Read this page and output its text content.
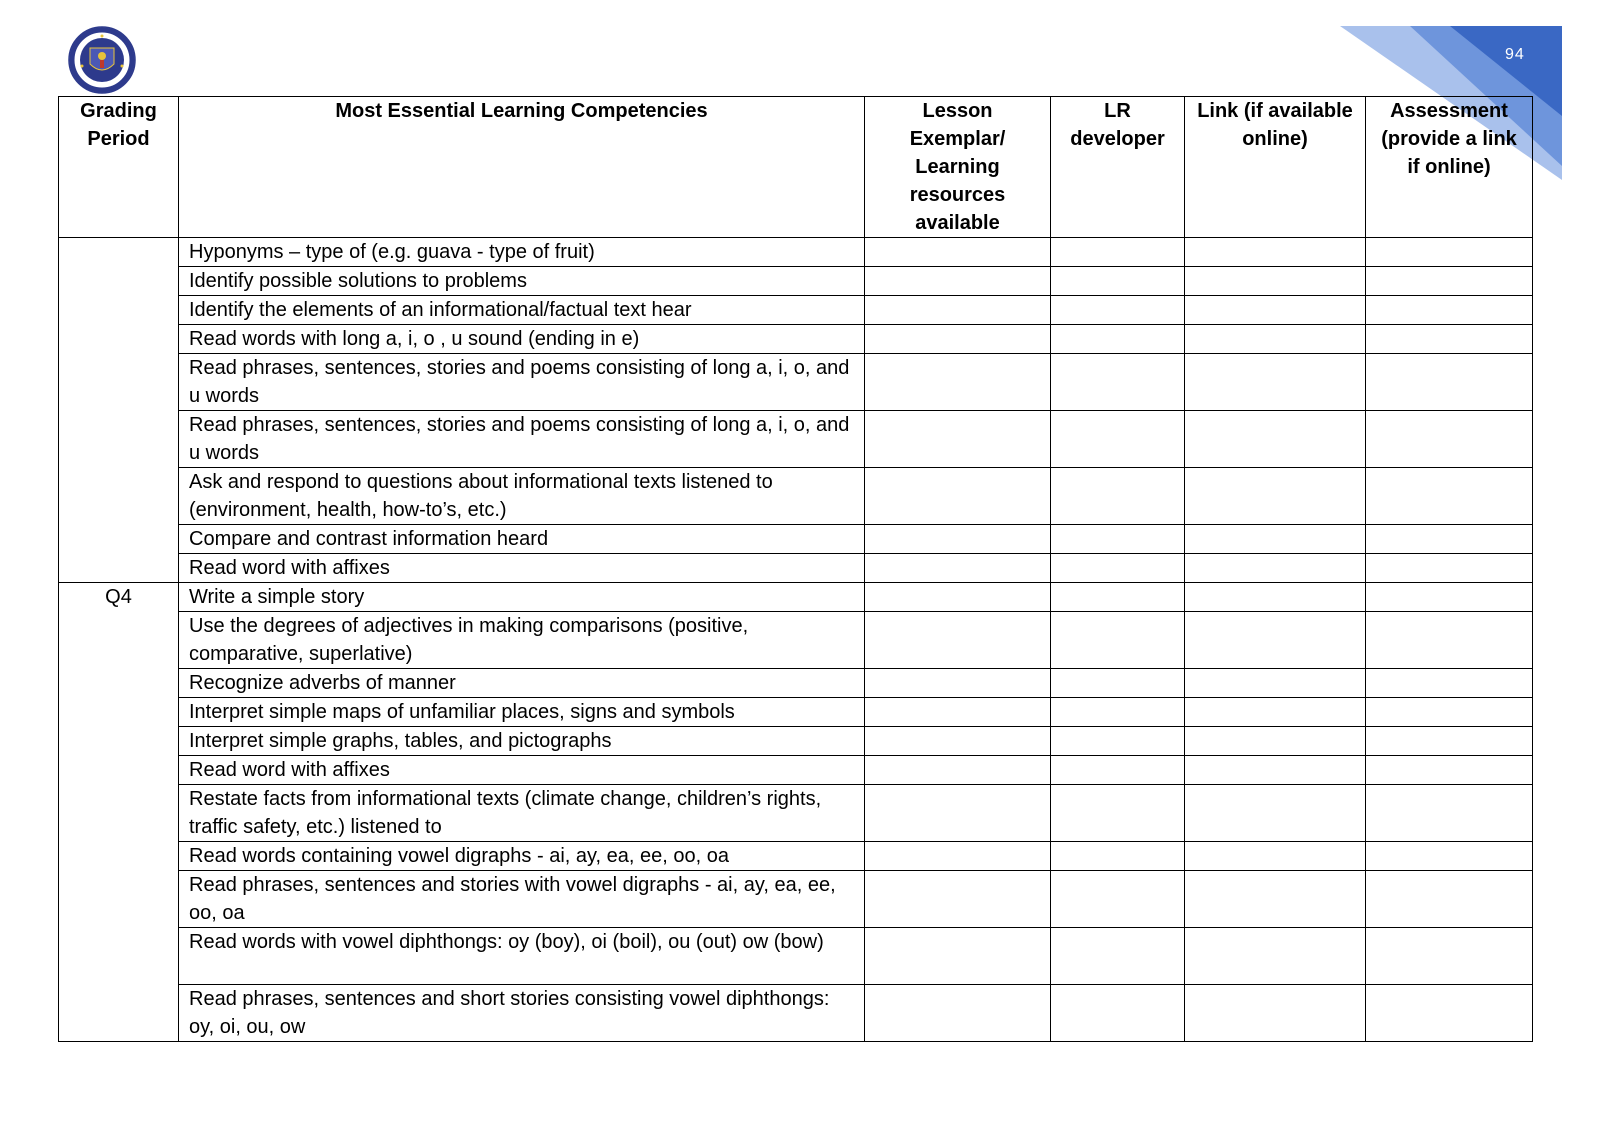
94
Grading Period	Most Essential Learning Competencies	Lesson Exemplar/ Learning resources available	LR developer	Link (if available online)	Assessment (provide a link if online)
	Hyponyms – type of (e.g. guava - type of fruit)				
	Identify possible solutions to problems				
	Identify the elements of an informational/factual text hear				
	Read words with long a, i, o , u sound (ending in e)				
	Read phrases, sentences, stories and poems consisting of long a, i, o, and u words				
	Read phrases, sentences, stories and poems consisting of long a, i, o, and u words				
	Ask and respond to questions about informational texts listened to (environment, health, how-to’s, etc.)				
	Compare and contrast information heard				
	Read word with affixes				
Q4	Write a simple story				
	Use the degrees of adjectives in making comparisons (positive, comparative, superlative)				
	Recognize adverbs of manner				
	Interpret simple maps of unfamiliar places, signs and symbols				
	Interpret simple graphs, tables, and pictographs				
	Read word with affixes				
	Restate facts from informational texts (climate change, children’s rights, traffic safety, etc.) listened to				
	Read words containing vowel digraphs - ai, ay, ea, ee, oo, oa				
	Read phrases, sentences and stories with vowel digraphs - ai, ay, ea, ee, oo, oa				
	Read words with vowel diphthongs: oy (boy), oi (boil), ou (out) ow (bow)				
	Read phrases, sentences and short stories consisting vowel diphthongs: oy, oi, ou, ow				
